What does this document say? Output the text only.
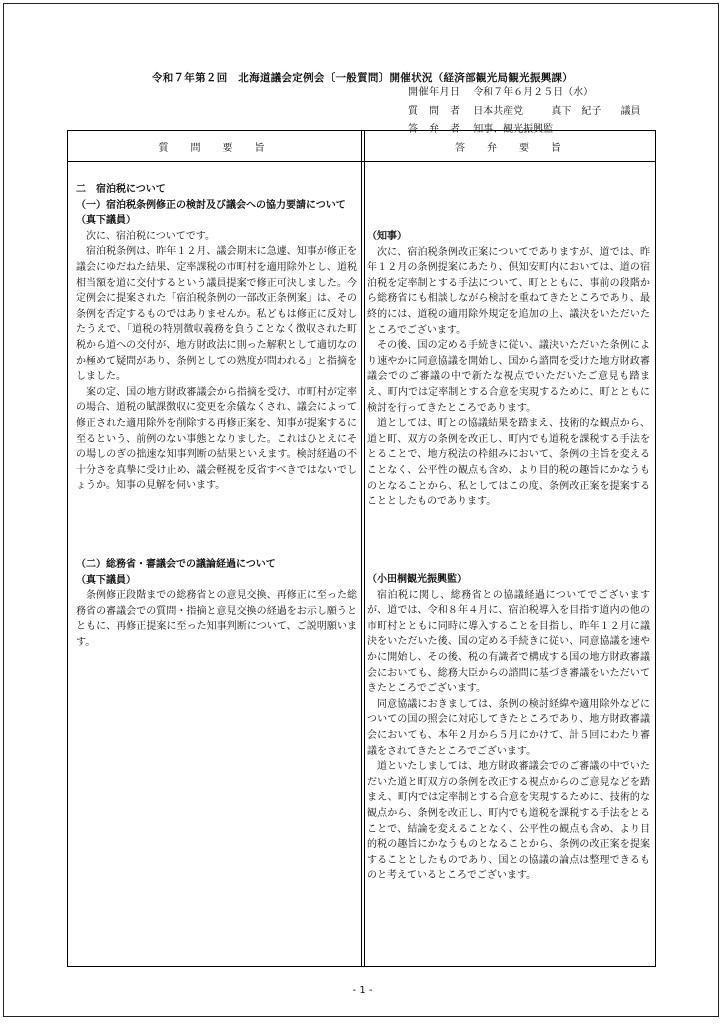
令和７年第２回　北海道議会定例会〔一般質問〕開催状況（経済部観光局観光振興課）
開催年月日 令和７年６月２５日（水）
質　問　者 日本共産党	真下　紀子 議員
答　弁　者 知事、観光振興監
質　問　要　旨	答　弁　要　旨
二　宿泊税について
（一）宿泊税条例修正の検討及び議会への協力要請について
（真下議員）

次に、宿泊税についてです。

宿泊税条例は、昨年１２月、議会期末に急遽、知事が修正を議会にゆだねた結果、定率課税の市町村を適用除外とし、道税相当額を道に交付するという議員提案で修正可決しました。今定例会に提案された「宿泊税条例の一部改正条例案」は、その条例を否定するものではありませんか。私どもは修正に反対したうえで、「道税の特別徴収義務を負うことなく徴収された町税から道への交付が、地方財政法に則った解釈として適切なのか極めて疑問があり、条例としての熟度が問われる」と指摘をしました。

案の定、国の地方財政審議会から指摘を受け、市町村が定率の場合、道税の賦課徴収に変更を余儀なくされ、議会によって修正された適用除外を削除する再修正案を、知事が提案するに至るという、前例のない事態となりました。これはひとえにその場しのぎの拙速な知事判断の結果といえます。検討経過の不十分さを真摯に受け止め、議会軽視を反省すべきではないでしょうか。知事の見解を伺います。

（二）総務省・審議会での議論経過について
（真下議員）

条例修正段階までの総務省との意見交換、再修正に至った総務省の審議会での質問・指摘と意見交換の経過をお示し願うとともに、再修正提案に至った知事判断について、ご説明願います。

（知事）

次に、宿泊税条例改正案についてでありますが、道では、昨年１２月の条例提案にあたり、倶知安町内においては、道の宿泊税を定率制とする手法について、町とともに、事前の段階から総務省にも相談しながら検討を重ねてきたところであり、最終的には、道税の適用除外規定を追加の上、議決をいただいたところでございます。

その後、国の定める手続きに従い、議決いただいた条例により速やかに同意協議を開始し、国から諮問を受けた地方財政審議会でのご審議の中で新たな視点でいただいたご意見も踏まえ、町内では定率制とする合意を実現するために、町とともに検討を行ってきたところであります。

道としては、町との協議結果を踏まえ、技術的な観点から、道と町、双方の条例を改正し、町内でも道税を課税する手法をとることで、地方税法の枠組みにおいて、条例の主旨を変えることなく、公平性の観点も含め、より目的税の趣旨にかなうものとなることから、私としてはこの度、条例改正案を提案することとしたものであります。

（小田桐観光振興監）

宿泊税に関し、総務省との協議経過についてでございますが、道では、令和８年４月に、宿泊税導入を目指す道内の他の市町村とともに同時に導入することを目指し、昨年１２月に議決をいただいた後、国の定める手続きに従い、同意協議を速やかに開始し、その後、税の有識者で構成する国の地方財政審議会においても、総務大臣からの諮問に基づき審議をいただいてきたところでございます。

同意協議におきましては、条例の検討経緯や適用除外などについての国の照会に対応してきたところであり、地方財政審議会においても、本年２月から５月にかけて、計５回にわたり審議をされてきたところでございます。

道といたしましては、地方財政審議会でのご審議の中でいただいた道と町双方の条例を改正する視点からのご意見などを踏まえ、町内では定率制とする合意を実現するために、技術的な観点から、条例を改正し、町内でも道税を課税する手法をとることで、結論を変えることなく、公平性の観点も含め、より目的税の趣旨にかなうものとなることから、条例の改正案を提案することとしたものであり、国との協議の論点は整理できるものと考えているところでございます。

- 1 -
